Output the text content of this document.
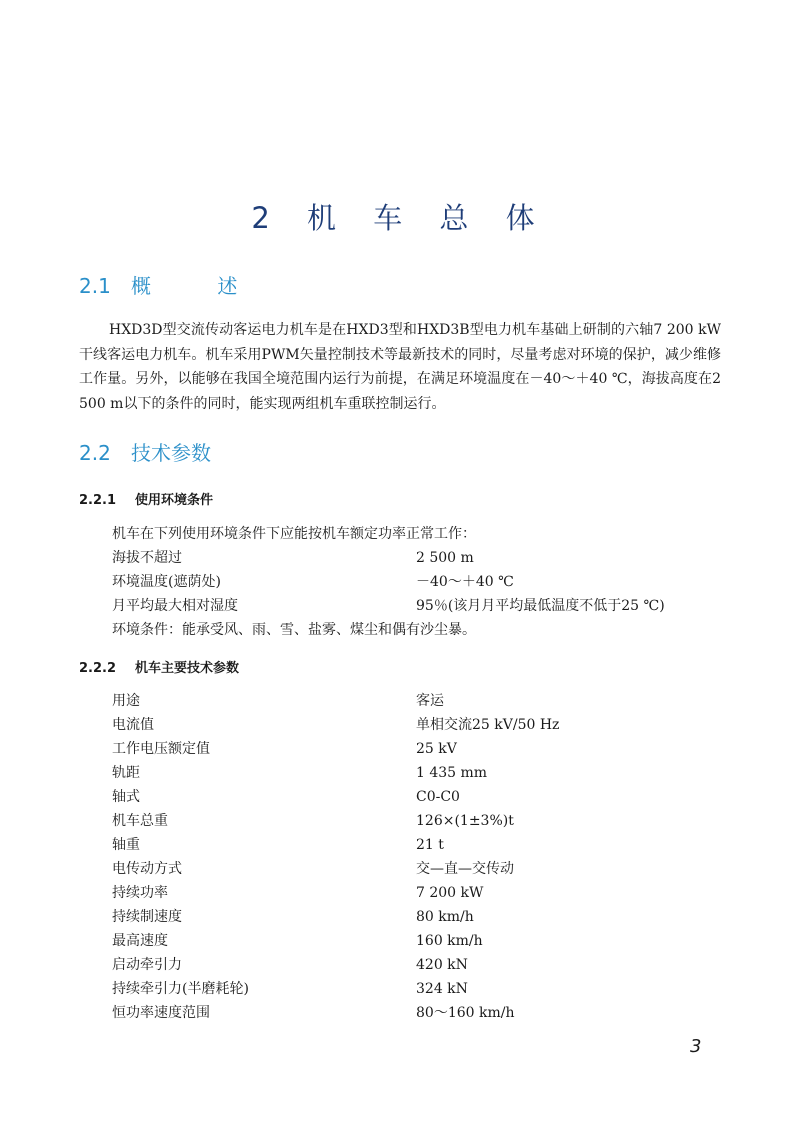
2 机 车 总 体
2.1 概 述
HXD3D型交流传动客运电力机车是在HXD3型和HXD3B型电力机车基础上研制的六轴7 200 kW干线客运电力机车。机车采用PWM矢量控制技术等最新技术的同时，尽量考虑对环境的保护，减少维修工作量。另外，以能够在我国全境范围内运行为前提，在满足环境温度在－40～＋40 ℃，海拔高度在2 500 m以下的条件的同时，能实现两组机车重联控制运行。
2.2 技术参数
2.2.1 使用环境条件
机车在下列使用环境条件下应能按机车额定功率正常工作：
海拔不超过	2 500 m
环境温度(遮荫处)	－40～＋40 ℃
月平均最大相对湿度	95％(该月月平均最低温度不低于25 ℃)
环境条件：能承受风、雨、雪、盐雾、煤尘和偶有沙尘暴。
2.2.2 机车主要技术参数
用途	客运
电流值	单相交流25 kV/50 Hz
工作电压额定值	25 kV
轨距	1 435 mm
轴式	C0-C0
机车总重	126×(1±3%)t
轴重	21 t
电传动方式	交—直—交传动
持续功率	7 200 kW
持续制速度	80 km/h
最高速度	160 km/h
启动牵引力	420 kN
持续牵引力(半磨耗轮)	324 kN
恒功率速度范围	80～160 km/h
3
